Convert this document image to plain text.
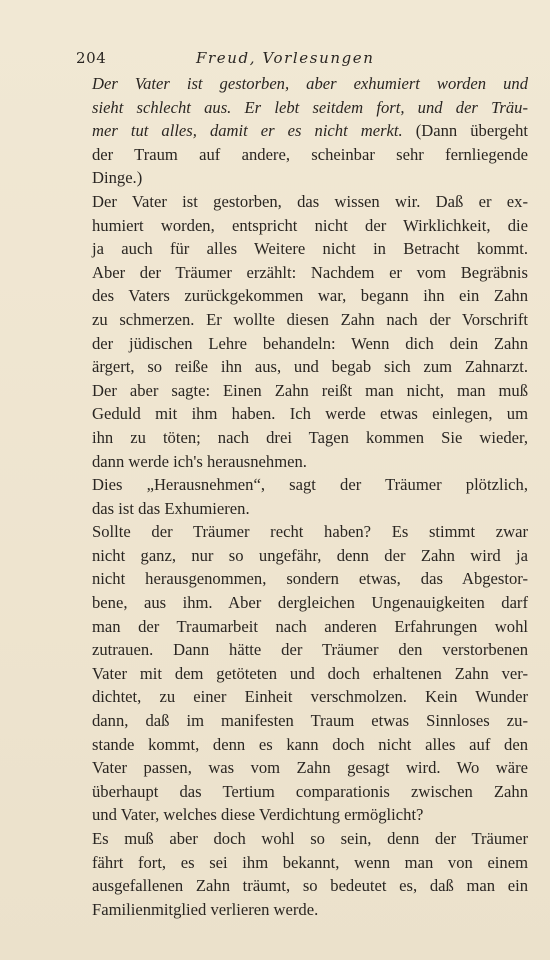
204	Freud, Vorlesungen

Der Vater ist gestorben, aber exhumiert worden und
sieht schlecht aus. Er lebt seitdem fort, und der Träu-
mer tut alles, damit er es nicht merkt. (Dann übergeht
der Traum auf andere, scheinbar sehr fernliegende
Dinge.)

Der Vater ist gestorben, das wissen wir. Daß er ex-
humiert worden, entspricht nicht der Wirklichkeit, die
ja auch für alles Weitere nicht in Betracht kommt.
Aber der Träumer erzählt: Nachdem er vom Begräbnis
des Vaters zurückgekommen war, begann ihn ein Zahn
zu schmerzen. Er wollte diesen Zahn nach der Vorschrift
der jüdischen Lehre behandeln: Wenn dich dein Zahn
ärgert, so reiße ihn aus, und begab sich zum Zahnarzt.
Der aber sagte: Einen Zahn reißt man nicht, man muß
Geduld mit ihm haben. Ich werde etwas einlegen, um
ihn zu töten; nach drei Tagen kommen Sie wieder,
dann werde ich's herausnehmen.

Dies „Herausnehmen“, sagt der Träumer plötzlich,
das ist das Exhumieren.

Sollte der Träumer recht haben? Es stimmt zwar
nicht ganz, nur so ungefähr, denn der Zahn wird ja
nicht herausgenommen, sondern etwas, das Abgestor-
bene, aus ihm. Aber dergleichen Ungenauigkeiten darf
man der Traumarbeit nach anderen Erfahrungen wohl
zutrauen. Dann hätte der Träumer den verstorbenen
Vater mit dem getöteten und doch erhaltenen Zahn ver-
dichtet, zu einer Einheit verschmolzen. Kein Wunder
dann, daß im manifesten Traum etwas Sinnloses zu-
stande kommt, denn es kann doch nicht alles auf den
Vater passen, was vom Zahn gesagt wird. Wo wäre
überhaupt das Tertium comparationis zwischen Zahn
und Vater, welches diese Verdichtung ermöglicht?

Es muß aber doch wohl so sein, denn der Träumer
fährt fort, es sei ihm bekannt, wenn man von einem
ausgefallenen Zahn träumt, so bedeutet es, daß man ein
Familienmitglied verlieren werde.
